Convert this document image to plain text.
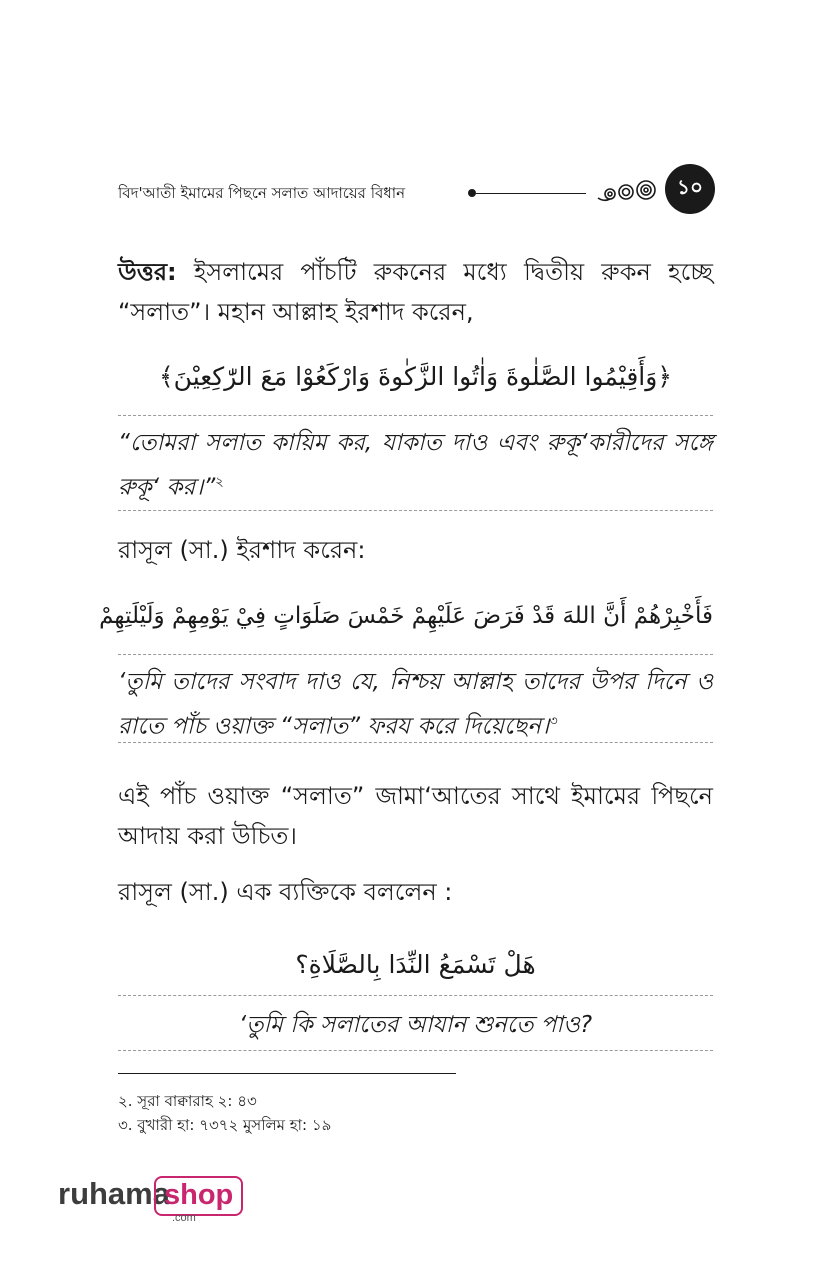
বিদ'আতী ইমামের পিছনে সলাত আদায়ের বিধান	১০

উত্তর: ইসলামের পাঁচটি রুকনের মধ্যে দ্বিতীয় রুকন হচ্ছে “সলাত”। মহান আল্লাহ ইরশাদ করেন,

﴿وَأَقِيْمُوا الصَّلٰوةَ وَاٰتُوا الزَّكٰوةَ وَارْكَعُوْا مَعَ الرّٰكِعِيْنَ﴾

“তোমরা সলাত কায়িম কর, যাকাত দাও এবং রুকূ‘কারীদের সঙ্গে রুকূ‘ কর।”$^২$

রাসূল (সা.) ইরশাদ করেন:

فَأَخْبِرْهُمْ أَنَّ اللهَ قَدْ فَرَضَ عَلَيْهِمْ خَمْسَ صَلَوَاتٍ فِيْ يَوْمِهِمْ وَلَيْلَتِهِمْ

‘তুমি তাদের সংবাদ দাও যে, নিশ্চয় আল্লাহ তাদের উপর দিনে ও রাতে পাঁচ ওয়াক্ত “সলাত” ফরয করে দিয়েছেন।$^৩$

এই পাঁচ ওয়াক্ত “সলাত” জামা‘আতের সাথে ইমামের পিছনে আদায় করা উচিত।

রাসূল (সা.) এক ব্যক্তিকে বললেন :

هَلْ تَسْمَعُ النِّدَا بِالصَّلَاةِ؟

‘তুমি কি সলাতের আযান শুনতে পাও?

২. সূরা বাক্বারাহ ২: ৪৩
৩. বুখারী হা: ৭৩৭২ মুসলিম হা: ১৯
ruhama
shop
.com
